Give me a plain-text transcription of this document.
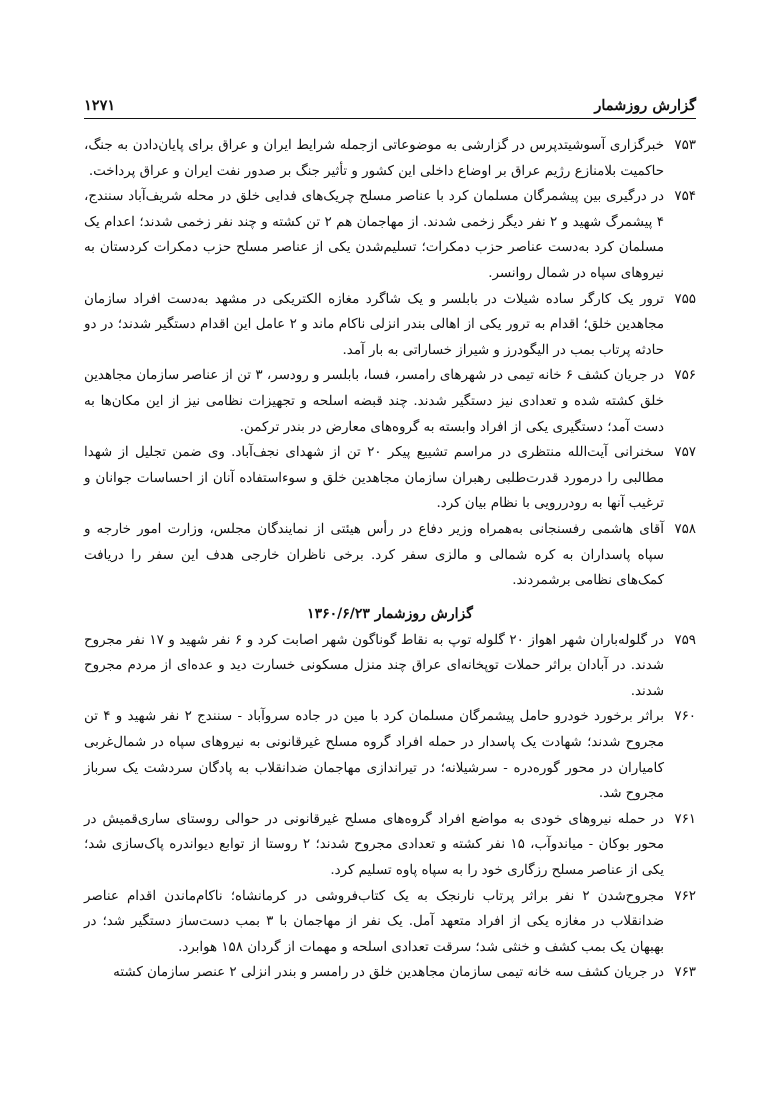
گزارش روزشمار
۱۲۷۱
۷۵۳
خبرگزاری آسوشیتدپرس در گزارشی به موضوعاتی ازجمله شرایط ایران و عراق برای پایان‌دادن به جنگ، حاکمیت بلامنازع رژیم عراق بر اوضاع داخلی این کشور و تأثیر جنگ بر صدور نفت ایران و عراق پرداخت.
۷۵۴
در درگیری بین پیشمرگان مسلمان کرد با عناصر مسلح چریک‌های فدایی خلق در محله شریف‌آباد سنندج، ۴ پیشمرگ شهید و ۲ نفر دیگر زخمی شدند. از مهاجمان هم ۲ تن کشته و چند نفر زخمی شدند؛ اعدام یک مسلمان کرد به‌دست عناصر حزب دمکرات؛ تسلیم‌شدن یکی از عناصر مسلح حزب دمکرات کردستان به نیروهای سپاه در شمال روانسر.
۷۵۵
ترور یک کارگر ساده شیلات در بابلسر و یک شاگرد مغازه الکتریکی در مشهد به‌دست افراد سازمان مجاهدین خلق؛ اقدام به ترور یکی از اهالی بندر انزلی ناکام ماند و ۲ عامل این اقدام دستگیر شدند؛ در دو حادثه پرتاب بمب در الیگودرز و شیراز خساراتی به بار آمد.
۷۵۶
در جریان کشف ۶ خانه تیمی در شهرهای رامسر، فسا، بابلسر و رودسر، ۳ تن از عناصر سازمان مجاهدین خلق کشته شده و تعدادی نیز دستگیر شدند. چند قبضه اسلحه و تجهیزات نظامی نیز از این مکان‌ها به دست آمد؛ دستگیری یکی از افراد وابسته به گروه‌های معارض در بندر ترکمن.
۷۵۷
سخنرانی آیت‌الله منتظری در مراسم تشییع پیکر ۲۰ تن از شهدای نجف‌آباد. وی ضمن تجلیل از شهدا مطالبی را درمورد قدرت‌طلبی رهبران سازمان مجاهدین خلق و سوءاستفاده آنان از احساسات جوانان و ترغیب آنها به رودررویی با نظام بیان کرد.
۷۵۸
آقای هاشمی رفسنجانی به‌همراه وزیر دفاع در رأس هیئتی از نمایندگان مجلس، وزارت امور خارجه و سپاه پاسداران به کره شمالی و مالزی سفر کرد. برخی ناظران خارجی هدف این سفر را دریافت کمک‌های نظامی برشمردند.
گزارش روزشمار ۱۳۶۰/۶/۲۳
۷۵۹
در گلوله‌باران شهر اهواز ۲۰ گلوله توپ به نقاط گوناگون شهر اصابت کرد و ۶ نفر شهید و ۱۷ نفر مجروح شدند. در آبادان براثر حملات توپخانه‌ای عراق چند منزل مسکونی خسارت دید و عده‌ای از مردم مجروح شدند.
۷۶۰
براثر برخورد خودرو حامل پیشمرگان مسلمان کرد با مین در جاده سروآباد - سنندج ۲ نفر شهید و ۴ تن مجروح شدند؛ شهادت یک پاسدار در حمله افراد گروه مسلح غیرقانونی به نیروهای سپاه در شمال‌غربی کامیاران در محور گوره‌دره - سرشیلانه؛ در تیراندازی مهاجمان ضدانقلاب به پادگان سردشت یک سرباز مجروح شد.
۷۶۱
در حمله نیروهای خودی به مواضع افراد گروه‌های مسلح غیرقانونی در حوالی روستای ساری‌قمیش در محور بوکان - میاندوآب، ۱۵ نفر کشته و تعدادی مجروح شدند؛ ۲ روستا از توابع دیواندره پاک‌سازی شد؛ یکی از عناصر مسلح رزگاری خود را به سپاه پاوه تسلیم کرد.
۷۶۲
مجروح‌شدن ۲ نفر براثر پرتاب نارنجک به یک کتاب‌فروشی در کرمانشاه؛ ناکام‌ماندن اقدام عناصر ضدانقلاب در مغازه یکی از افراد متعهد آمل. یک نفر از مهاجمان با ۳ بمب دست‌ساز دستگیر شد؛ در بهبهان یک بمب کشف و خنثی شد؛ سرقت تعدادی اسلحه و مهمات از گردان ۱۵۸ هوابرد.
۷۶۳
در جریان کشف سه خانه تیمی سازمان مجاهدین خلق در رامسر و بندر انزلی ۲ عنصر سازمان کشته
